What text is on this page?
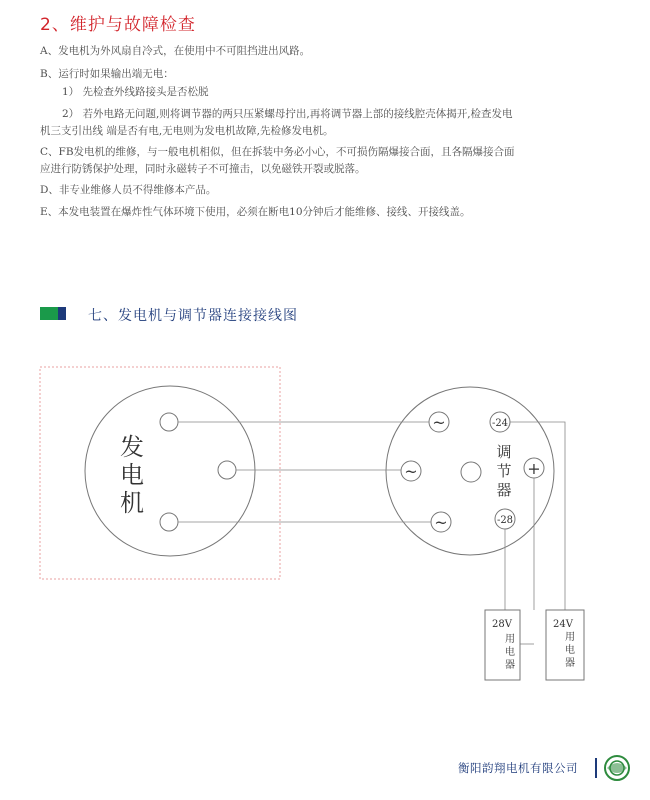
2、维护与故障检查
A、发电机为外风扇自冷式，在使用中不可阻挡进出风路。
B、运行时如果输出端无电：
1） 先检查外线路接头是否松脱
2） 若外电路无问题,则将调节器的两只压紧螺母拧出,再将调节器上部的接线腔壳体揭开,检查发电
机三支引出线 端是否有电,无电则为发电机故障,先检修发电机。
C、FB发电机的维修，与一般电机相似，但在拆装中务必小心，不可损伤隔爆接合面，且各隔爆接合面
应进行防锈保护处理，同时永磁转子不可撞击，以免磁铁开裂或脱落。
D、非专业维修人员不得维修本产品。
E、本发电装置在爆炸性气体环境下使用，必须在断电10分钟后才能维修、接线、开接线盖。
七、发电机与调节器连接接线图
发
电
机
~
~
~
+
-24
-28
调
节
器
28V
用
电
器
24V
用
电
器
衡阳韵翔电机有限公司
